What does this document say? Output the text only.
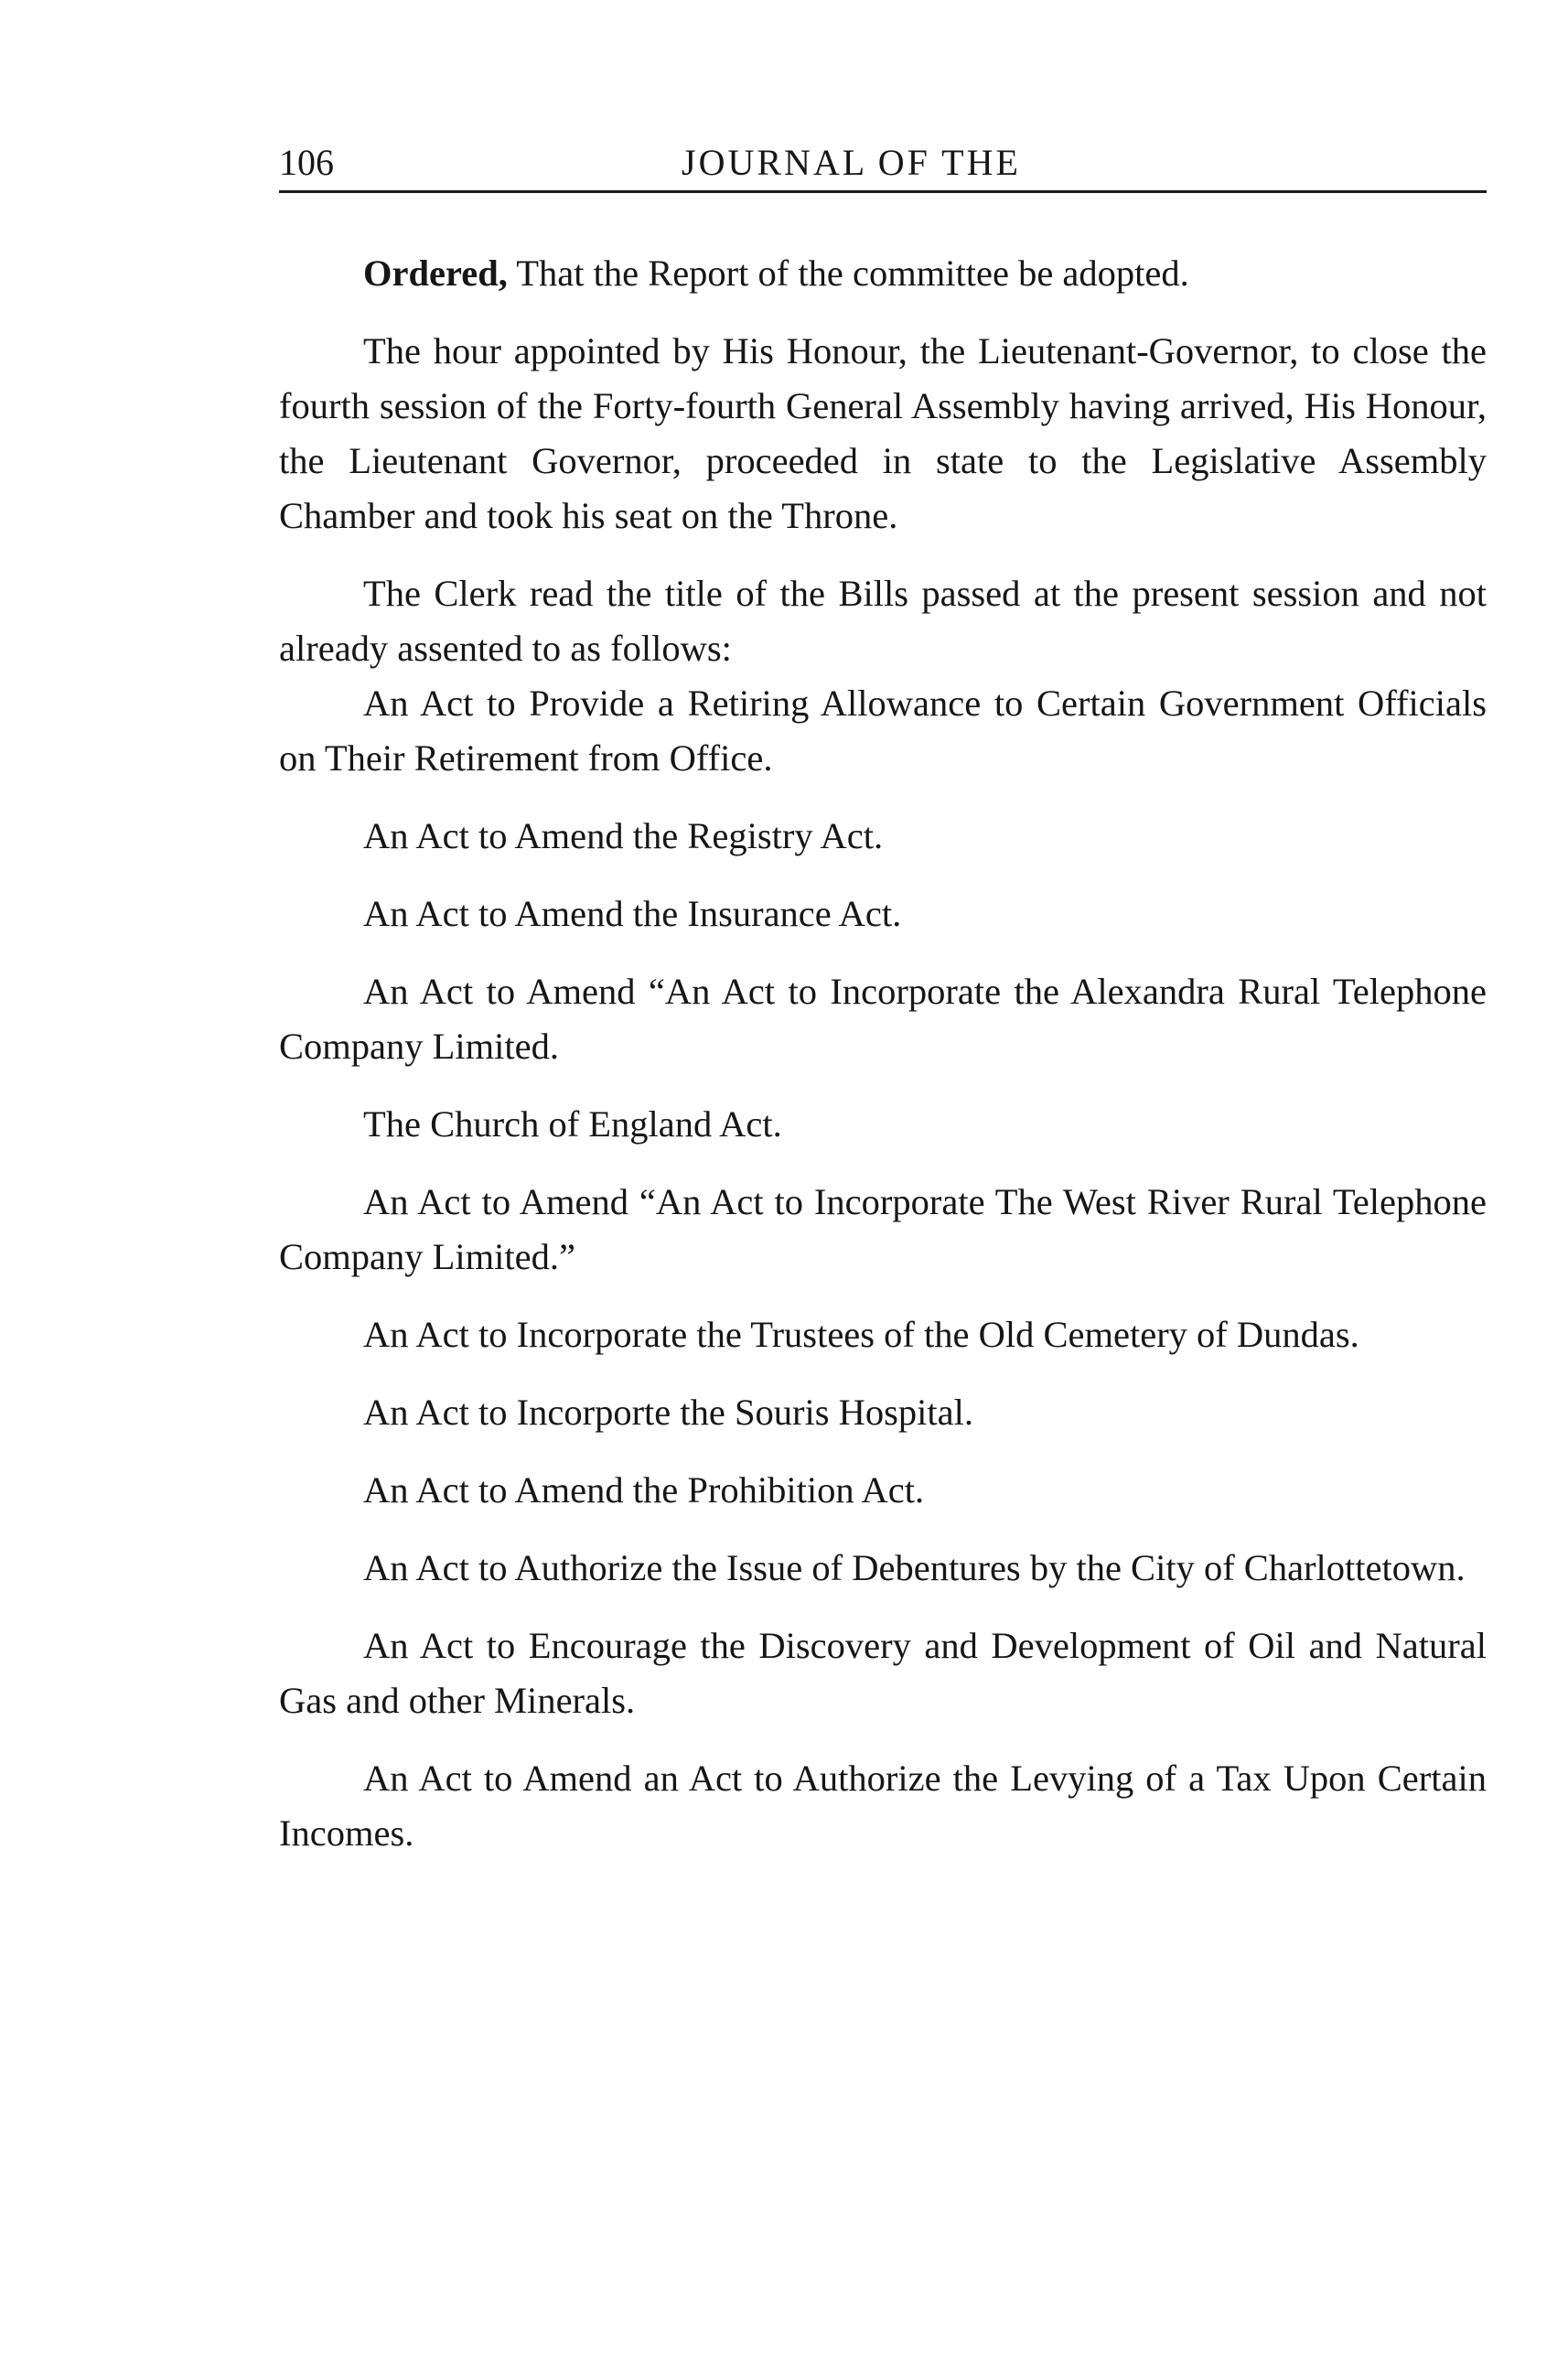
106	JOURNAL OF THE

Ordered, That the Report of the committee be adopted.

The hour appointed by His Honour, the Lieutenant-Governor, to close the fourth session of the Forty-fourth General Assembly having arrived, His Honour, the Lieutenant Governor, proceeded in state to the Legislative Assembly Chamber and took his seat on the Throne.

The Clerk read the title of the Bills passed at the present session and not already assented to as follows:

An Act to Provide a Retiring Allowance to Certain Government Officials on Their Retirement from Office.

An Act to Amend the Registry Act.

An Act to Amend the Insurance Act.

An Act to Amend “An Act to Incorporate the Alexandra Rural Telephone Company Limited.

The Church of England Act.

An Act to Amend “An Act to Incorporate The West River Rural Telephone Company Limited.”

An Act to Incorporate the Trustees of the Old Cemetery of Dundas.

An Act to Incorporte the Souris Hospital.

An Act to Amend the Prohibition Act.

An Act to Authorize the Issue of Debentures by the City of Charlottetown.

An Act to Encourage the Discovery and Development of Oil and Natural Gas and other Minerals.

An Act to Amend an Act to Authorize the Levying of a Tax Upon Certain Incomes.
